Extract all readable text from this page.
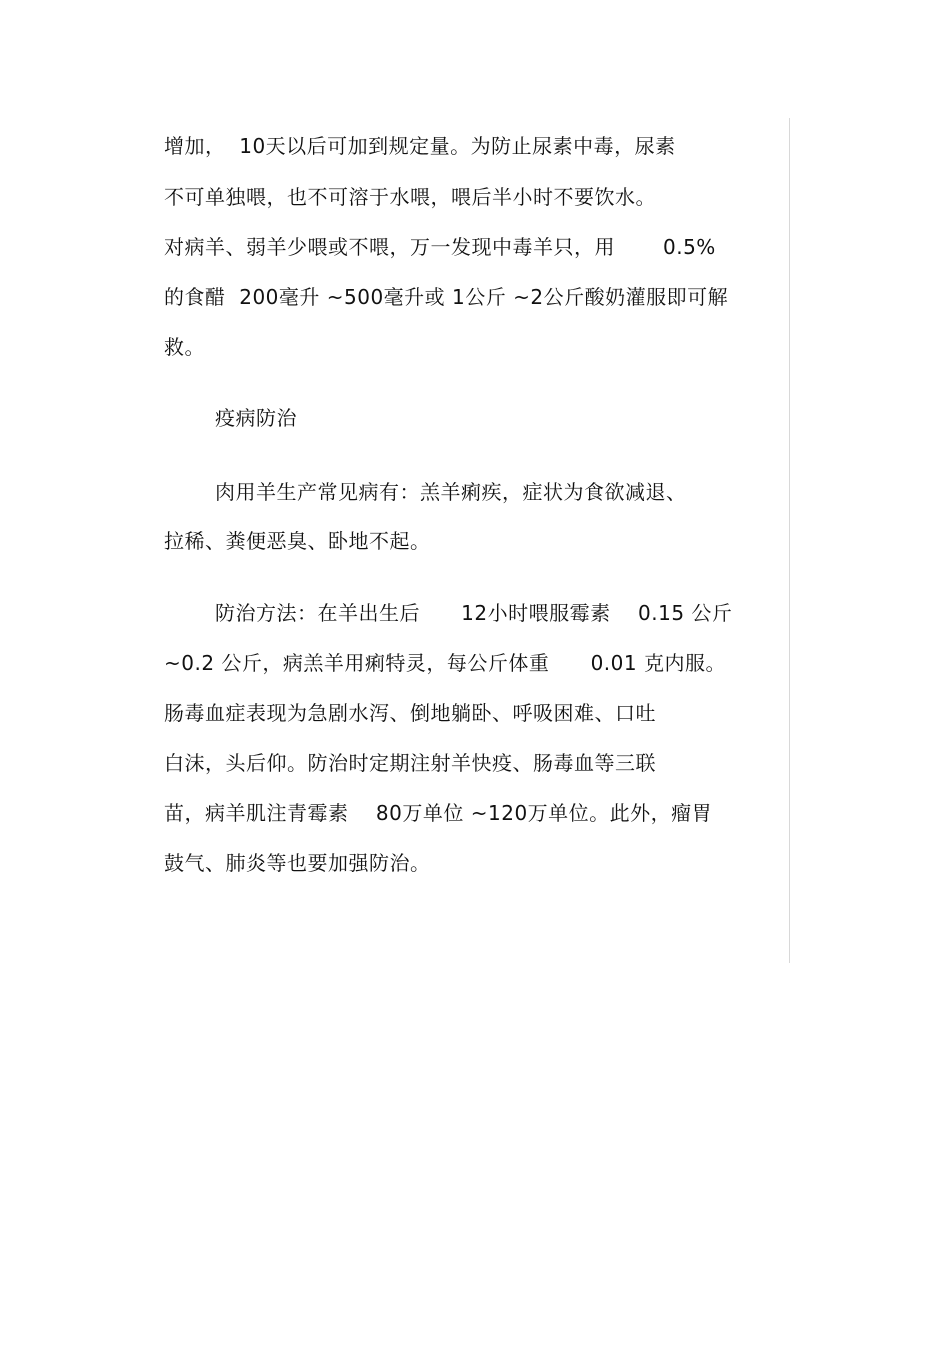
增加，  10天以后可加到规定量。为防止尿素中毒，尿素
不可单独喂，也不可溶于水喂，喂后半小时不要饮水。
对病羊、弱羊少喂或不喂，万一发现中毒羊只，用       0.5%
的食醋  200毫升 ~500毫升或 1公斤 ~2公斤酸奶灌服即可解
救。
疫病防治
肉用羊生产常见病有：羔羊痢疾，症状为食欲减退、
拉稀、粪便恶臭、卧地不起。
防治方法：在羊出生后      12小时喂服霉素    0.15 公斤
~0.2 公斤，病羔羊用痢特灵，每公斤体重      0.01 克内服。
肠毒血症表现为急剧水泻、倒地躺卧、呼吸困难、口吐
白沫，头后仰。防治时定期注射羊快疫、肠毒血等三联
苗，病羊肌注青霉素    80万单位 ~120万单位。此外，瘤胃
鼓气、肺炎等也要加强防治。
